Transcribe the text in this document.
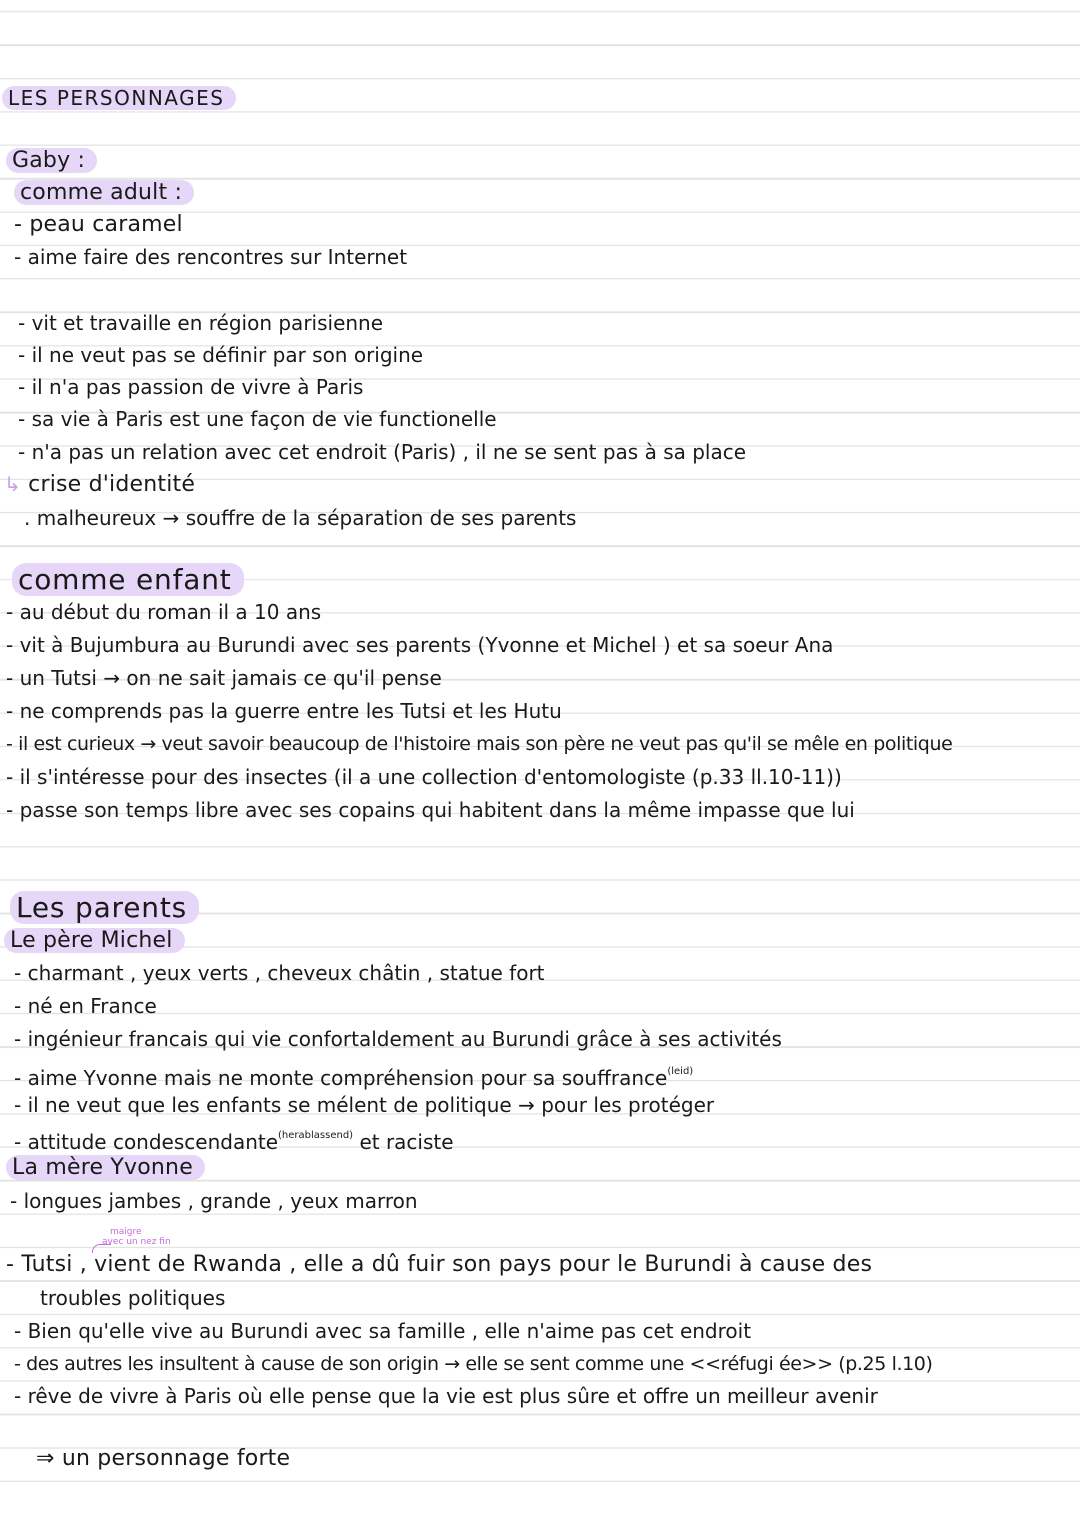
LES PERSONNAGES
Gaby :
comme adult :
- peau caramel
- aime faire des rencontres sur Internet
- vit et travaille en région parisienne
- il ne veut pas se définir par son origine
- il n'a pas passion de vivre à Paris
- sa vie à Paris est une façon de vie functionelle
- n'a pas un relation avec cet endroit (Paris) , il ne se sent pas à sa place
↳ crise d'identité
. malheureux → souffre de la séparation de ses parents
comme enfant
- au début du roman il a 10 ans
- vit à Bujumbura au Burundi avec ses parents (Yvonne et Michel ) et sa soeur Ana
- un Tutsi → on ne sait jamais ce qu'il pense
- ne comprends pas la guerre entre les Tutsi et les Hutu
- il est curieux → veut savoir beaucoup de l'histoire mais son père ne veut pas qu'il se mêle en politique
- il s'intéresse pour des insectes (il a une collection d'entomologiste (p.33 ll.10-11))
- passe son temps libre avec ses copains qui habitent dans la même impasse que lui
Les parents
Le père Michel
- charmant , yeux verts , cheveux châtin , statue fort
- né en France
- ingénieur francais qui vie confortaldement au Burundi grâce à ses activités
- aime Yvonne mais ne monte compréhension pour sa souffrance$^{(leid)}$
- il ne veut que les enfants se mélent de politique → pour les protéger
- attitude condescendante$^{(herablassend)}$ et raciste
La mère Yvonne
- longues jambes , grande , yeux marron
maigre
avec un nez fin
- Tutsi , vient de Rwanda , elle a dû fuir son pays pour le Burundi à cause des
troubles politiques
- Bien qu'elle vive au Burundi avec sa famille , elle n'aime pas cet endroit
- des autres les insultent à cause de son origin → elle se sent comme une <<réfugi ée>> (p.25 l.10)
- rêve de vivre à Paris où elle pense que la vie est plus sûre et offre un meilleur avenir
⇒ un personnage forte
